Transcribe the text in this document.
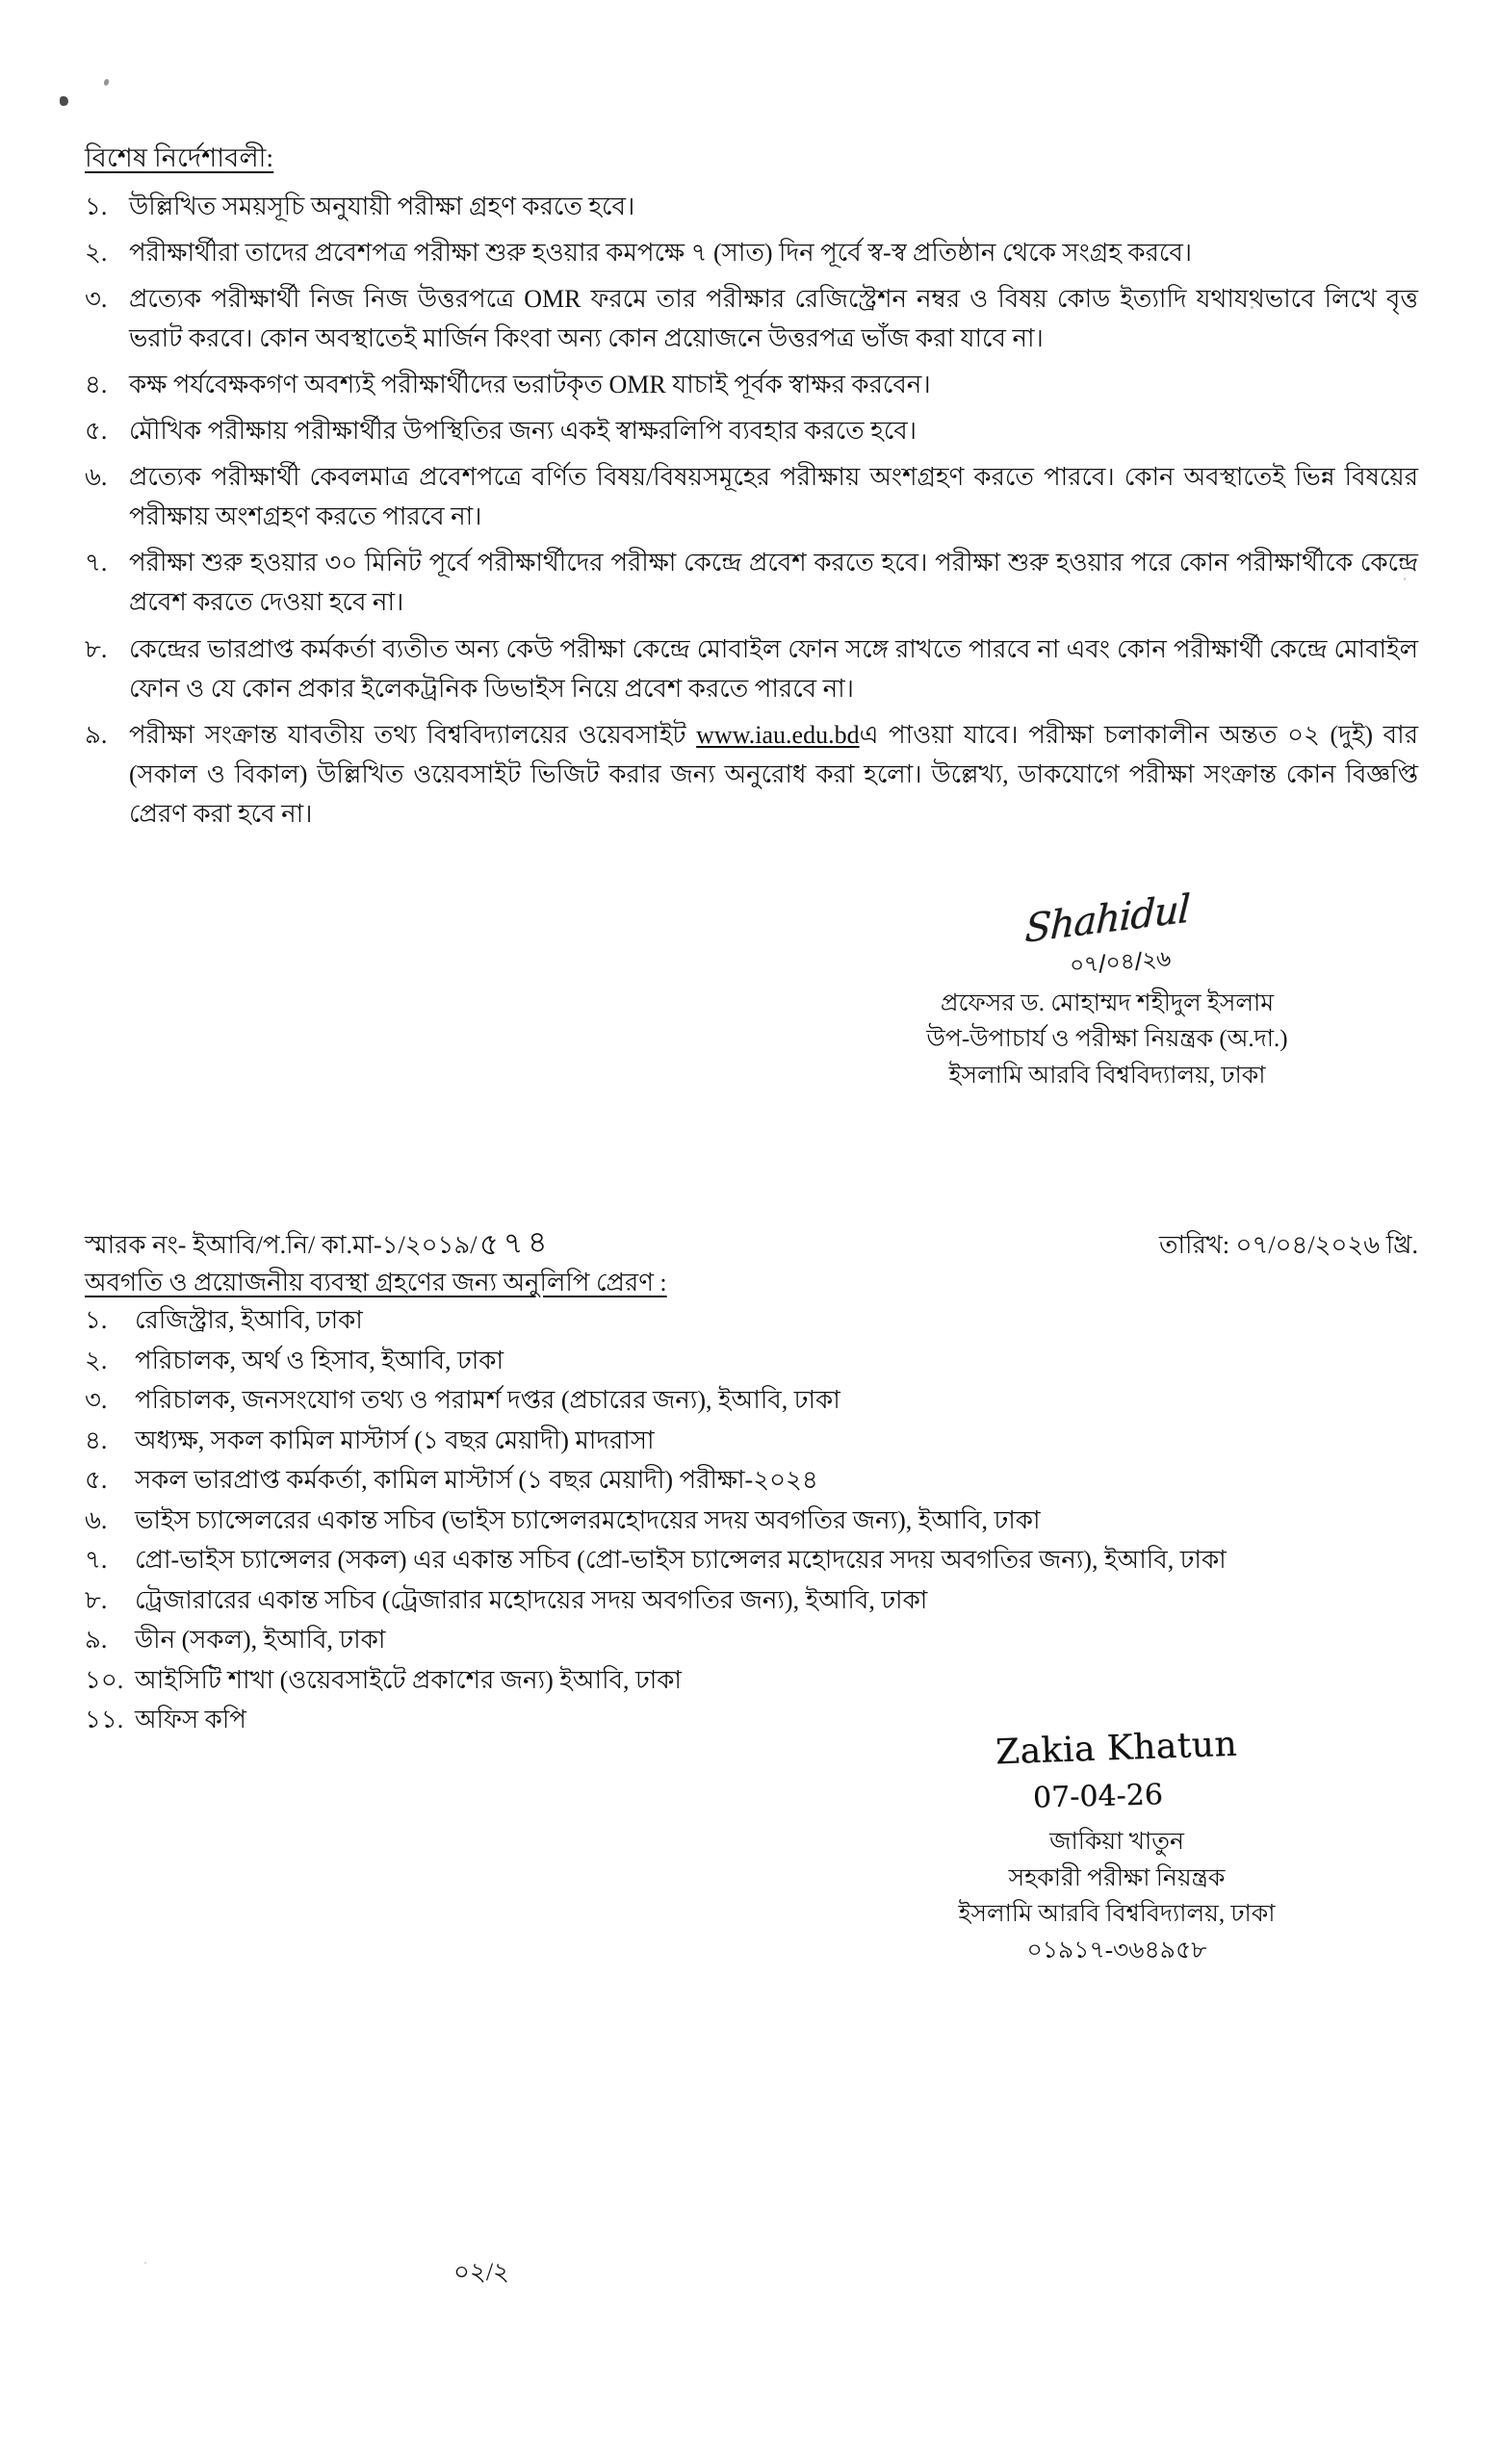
বিশেষ নির্দেশাবলী:
১. উল্লিখিত সময়সূচি অনুযায়ী পরীক্ষা গ্রহণ করতে হবে।
২. পরীক্ষার্থীরা তাদের প্রবেশপত্র পরীক্ষা শুরু হওয়ার কমপক্ষে ৭ (সাত) দিন পূর্বে স্ব-স্ব প্রতিষ্ঠান থেকে সংগ্রহ করবে।
৩. প্রত্যেক পরীক্ষার্থী নিজ নিজ উত্তরপত্রে OMR ফরমে তার পরীক্ষার রেজিস্ট্রেশন নম্বর ও বিষয় কোড ইত্যাদি যথাযথভাবে লিখে বৃত্ত ভরাট করবে। কোন অবস্থাতেই মার্জিন কিংবা অন্য কোন প্রয়োজনে উত্তরপত্র ভাঁজ করা যাবে না।
৪. কক্ষ পর্যবেক্ষকগণ অবশ্যই পরীক্ষার্থীদের ভরাটকৃত OMR যাচাই পূর্বক স্বাক্ষর করবেন।
৫. মৌখিক পরীক্ষায় পরীক্ষার্থীর উপস্থিতির জন্য একই স্বাক্ষরলিপি ব্যবহার করতে হবে।
৬. প্রত্যেক পরীক্ষার্থী কেবলমাত্র প্রবেশপত্রে বর্ণিত বিষয়/বিষয়সমূহের পরীক্ষায় অংশগ্রহণ করতে পারবে। কোন অবস্থাতেই ভিন্ন বিষয়ের পরীক্ষায় অংশগ্রহণ করতে পারবে না।
৭. পরীক্ষা শুরু হওয়ার ৩০ মিনিট পূর্বে পরীক্ষার্থীদের পরীক্ষা কেন্দ্রে প্রবেশ করতে হবে। পরীক্ষা শুরু হওয়ার পরে কোন পরীক্ষার্থীকে কেন্দ্রে প্রবেশ করতে দেওয়া হবে না।
৮. কেন্দ্রের ভারপ্রাপ্ত কর্মকর্তা ব্যতীত অন্য কেউ পরীক্ষা কেন্দ্রে মোবাইল ফোন সঙ্গে রাখতে পারবে না এবং কোন পরীক্ষার্থী কেন্দ্রে মোবাইল ফোন ও যে কোন প্রকার ইলেকট্রনিক ডিভাইস নিয়ে প্রবেশ করতে পারবে না।
৯. পরীক্ষা সংক্রান্ত যাবতীয় তথ্য বিশ্ববিদ্যালয়ের ওয়েবসাইট www.iau.edu.bdএ পাওয়া যাবে। পরীক্ষা চলাকালীন অন্তত ০২ (দুই) বার (সকাল ও বিকাল) উল্লিখিত ওয়েবসাইট ভিজিট করার জন্য অনুরোধ করা হলো। উল্লেখ্য, ডাকযোগে পরীক্ষা সংক্রান্ত কোন বিজ্ঞপ্তি প্রেরণ করা হবে না।
Shahidul
০৭/০৪/২৬
প্রফেসর ড. মোহাম্মদ শহীদুল ইসলাম
উপ-উপাচার্য ও পরীক্ষা নিয়ন্ত্রক (অ.দা.)
ইসলামি আরবি বিশ্ববিদ্যালয়, ঢাকা
স্মারক নং- ইআবি/প.নি/ কা.মা-১/২০১৯/৫৭৪	তারিখ: ০৭/০৪/২০২৬ খ্রি.
অবগতি ও প্রয়োজনীয় ব্যবস্থা গ্রহণের জন্য অনুলিপি প্রেরণ :
১.	রেজিস্ট্রার, ইআবি, ঢাকা
২.	পরিচালক, অর্থ ও হিসাব, ইআবি, ঢাকা
৩.	পরিচালক, জনসংযোগ তথ্য ও পরামর্শ দপ্তর (প্রচারের জন্য), ইআবি, ঢাকা
৪.	অধ্যক্ষ, সকল কামিল মাস্টার্স (১ বছর মেয়াদী) মাদরাসা
৫.	সকল ভারপ্রাপ্ত কর্মকর্তা, কামিল মাস্টার্স (১ বছর মেয়াদী) পরীক্ষা-২০২৪
৬.	ভাইস চ্যান্সেলরের একান্ত সচিব (ভাইস চ্যান্সেলরমহোদয়ের সদয় অবগতির জন্য), ইআবি, ঢাকা
৭.	প্রো-ভাইস চ্যান্সেলর (সকল) এর একান্ত সচিব (প্রো-ভাইস চ্যান্সেলর মহোদয়ের সদয় অবগতির জন্য), ইআবি, ঢাকা
৮.	ট্রেজারারের একান্ত সচিব (ট্রেজারার মহোদয়ের সদয় অবগতির জন্য), ইআবি, ঢাকা
৯.	ডীন (সকল), ইআবি, ঢাকা
১০. আইসিটি শাখা (ওয়েবসাইটে প্রকাশের জন্য) ইআবি, ঢাকা
১১. অফিস কপি
Zakia Khatun
07-04-26
জাকিয়া খাতুন
সহকারী পরীক্ষা নিয়ন্ত্রক
ইসলামি আরবি বিশ্ববিদ্যালয়, ঢাকা
০১৯১৭-৩৬৪৯৫৮
০২/২
